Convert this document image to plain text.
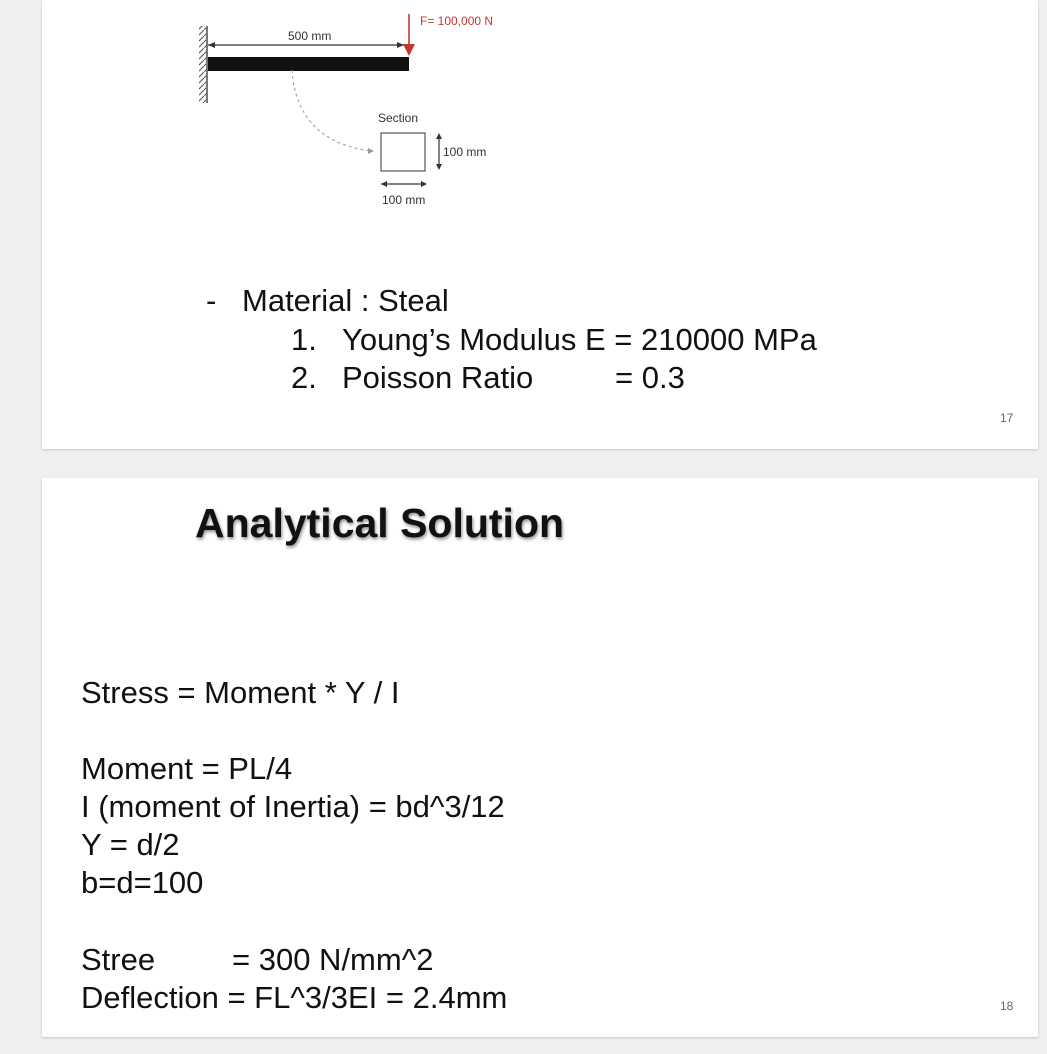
500 mm
F= 100,000 N
Section
100 mm
100 mm
- Material : Steal
1. Young’s Modulus E = 210000 MPa
2. Poisson Ratio	= 0.3
17
Analytical Solution
Stress = Moment * Y / I
Moment = PL/4
I (moment of Inertia) = bd^3/12
Y = d/2
b=d=100
Stree = 300 N/mm^2
Deflection = FL^3/3EI = 2.4mm	18
